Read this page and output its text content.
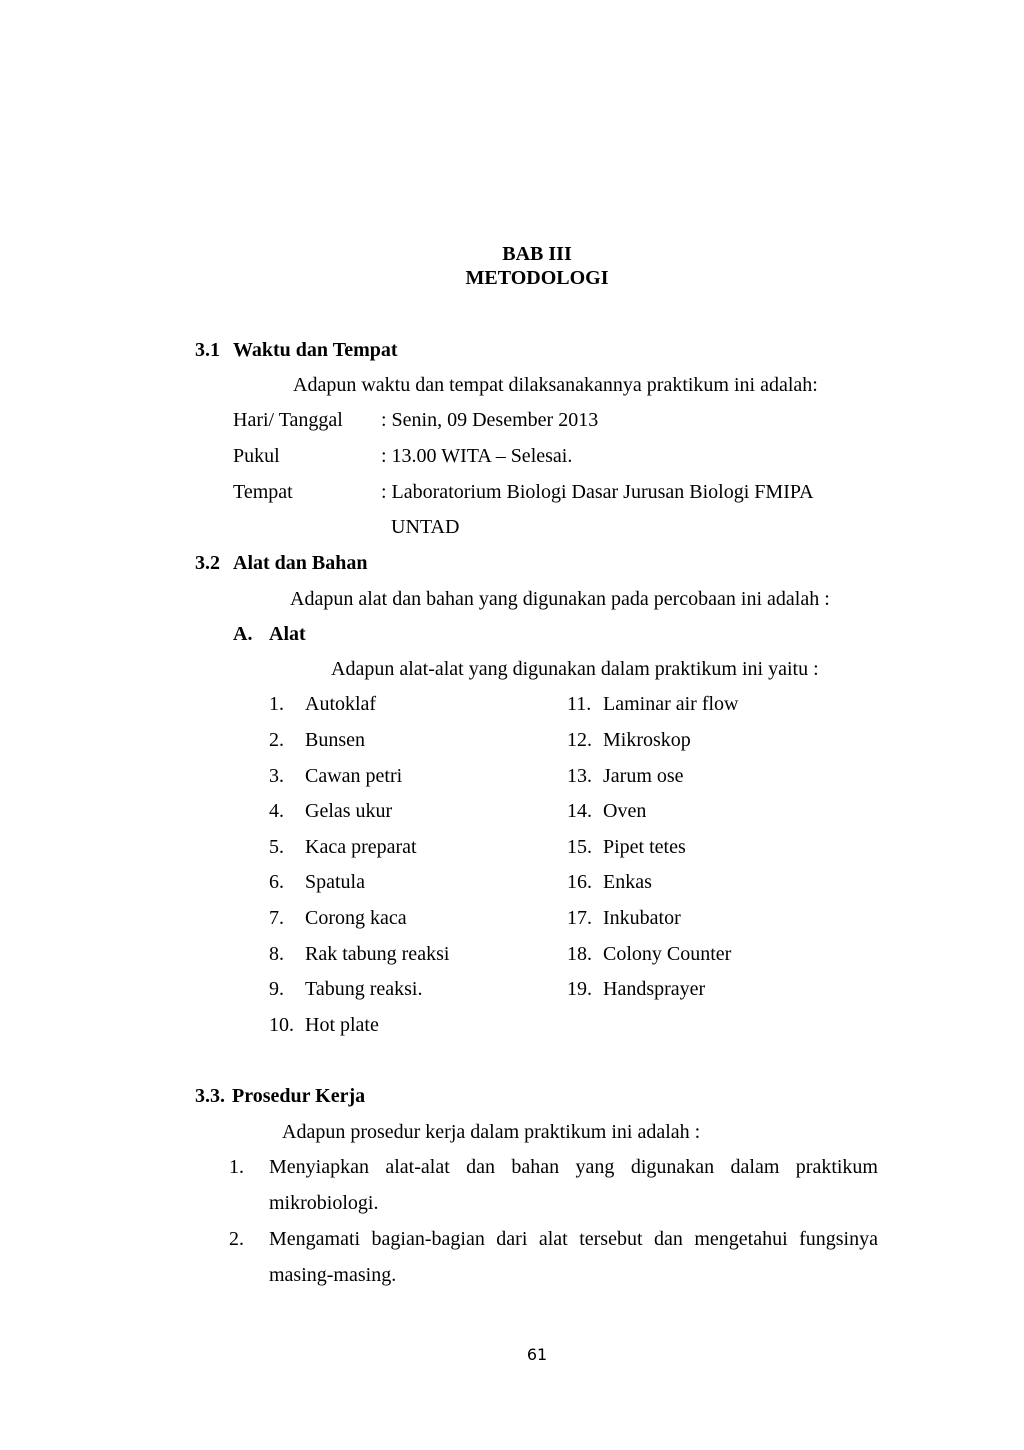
BAB III
METODOLOGI
3.1 Waktu dan Tempat
Adapun waktu dan tempat dilaksanakannya praktikum ini adalah:
Hari/ Tanggal : Senin, 09 Desember 2013
Pukul	: 13.00 WITA – Selesai.
Tempat	: Laboratorium Biologi Dasar Jurusan Biologi FMIPA
UNTAD
3.2 Alat dan Bahan
Adapun alat dan bahan yang digunakan pada percobaan ini adalah :
A. Alat
Adapun alat-alat yang digunakan dalam praktikum ini yaitu :
1. Autoklaf
2. Bunsen
3. Cawan petri
4. Gelas ukur
5. Kaca preparat
6. Spatula
7. Corong kaca
8. Rak tabung reaksi
9. Tabung reaksi.
10. Hot plate
11. Laminar air flow
12. Mikroskop
13. Jarum ose
14. Oven
15. Pipet tetes
16. Enkas
17. Inkubator
18. Colony Counter
19. Handsprayer
3.3. Prosedur Kerja
Adapun prosedur kerja dalam praktikum ini adalah :
1. Menyiapkan alat-alat dan bahan yang digunakan dalam praktikum
mikrobiologi.
2. Mengamati bagian-bagian dari alat tersebut dan mengetahui fungsinya
masing-masing.
61
